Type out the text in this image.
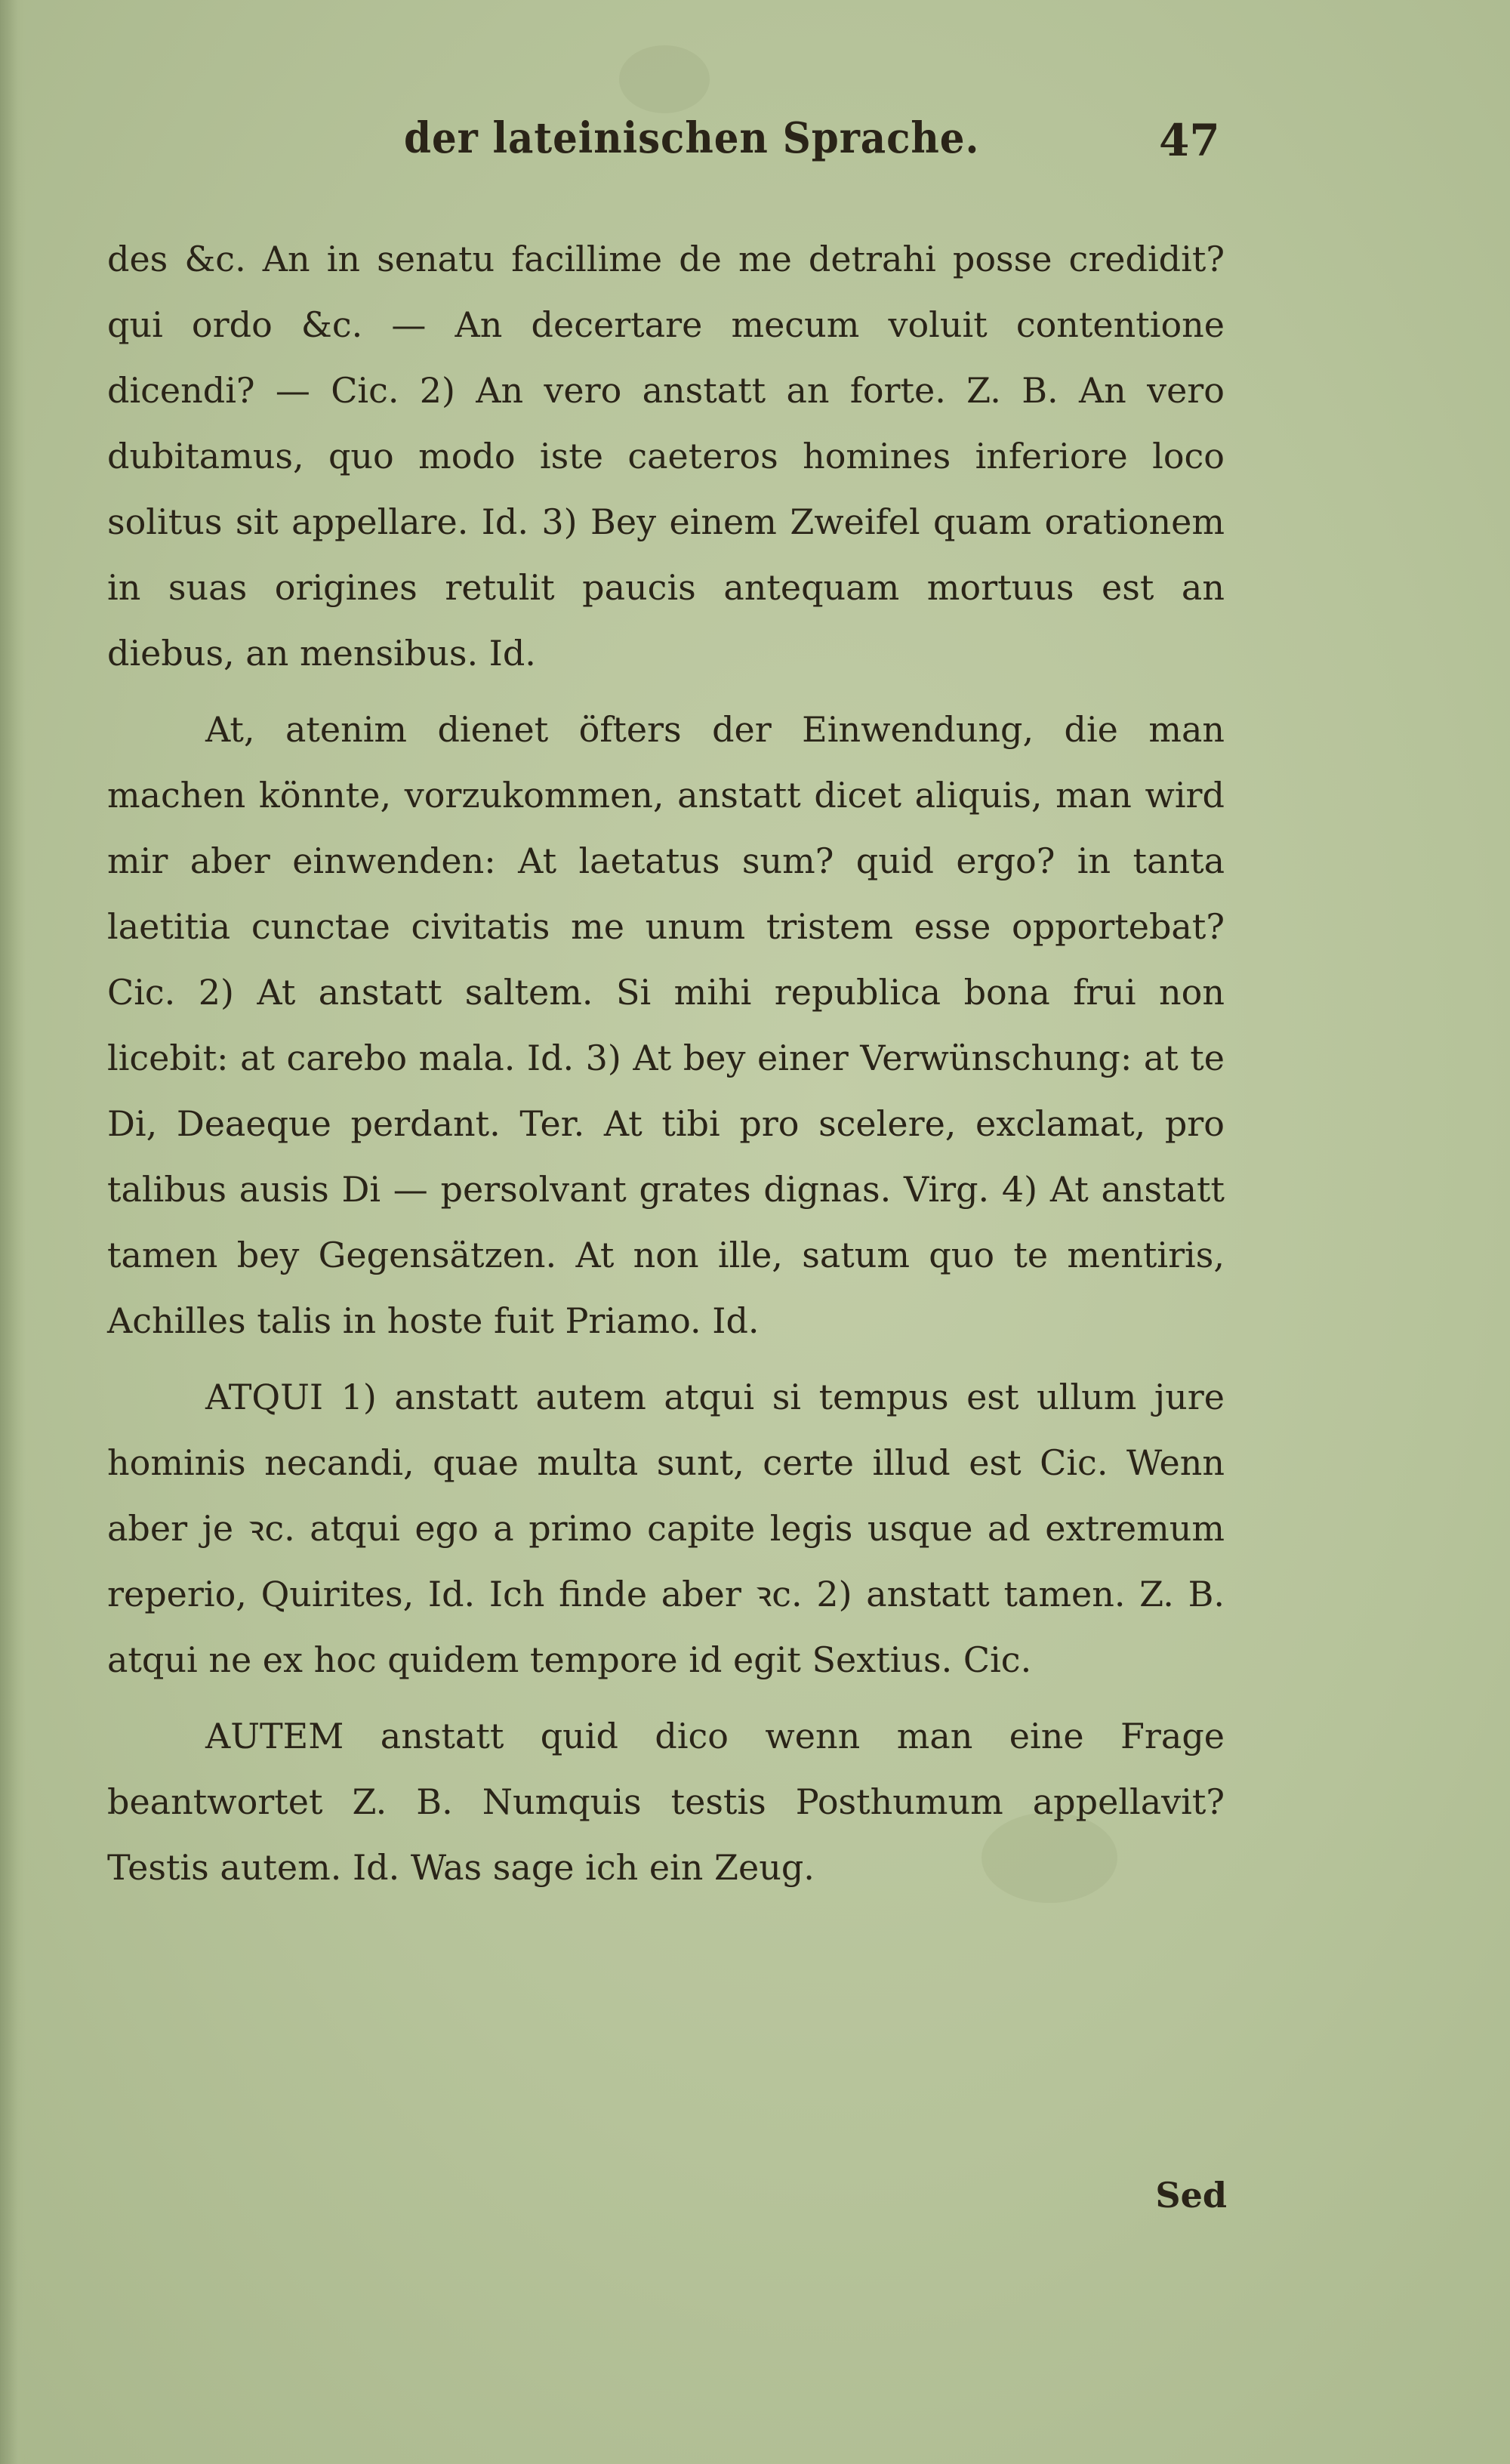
der lateinischen Sprache.	47

des &c. An in senatu facillime de me detrahi posse credidit? qui ordo &c. — An decertare mecum voluit contentione dicendi? — Cic. 2) An vero anstatt an forte. Z. B. An vero dubitamus, quo modo iste caeteros homines inferiore loco solitus sit appellare. Id. 3) Bey einem Zweifel quam orationem in suas origines retulit paucis antequam mortuus est an diebus, an mensibus. Id.

At, atenim dienet öfters der Einwendung, die man machen könnte, vorzukommen, anstatt dicet aliquis, man wird mir aber einwenden: At laetatus sum? quid ergo? in tanta laetitia cunctae civitatis me unum tristem esse opportebat? Cic. 2) At anstatt saltem. Si mihi republica bona frui non licebit: at carebo mala. Id. 3) At bey einer Verwünschung: at te Di, Deaeque perdant. Ter. At tibi pro scelere, exclamat, pro talibus ausis Di — persolvant grates dignas. Virg. 4) At anstatt tamen bey Gegensätzen. At non ille, satum quo te mentiris, Achilles talis in hoste fuit Priamo. Id.

ATQUI 1) anstatt autem atqui si tempus est ullum jure hominis necandi, quae multa sunt, certe illud est Cic. Wenn aber je ꝛc. atqui ego a primo capite legis usque ad extremum reperio, Quirites, Id. Ich finde aber ꝛc. 2) anstatt tamen. Z. B. atqui ne ex hoc quidem tempore id egit Sextius. Cic.

AUTEM anstatt quid dico wenn man eine Frage beantwortet Z. B. Numquis testis Posthumum appellavit? Testis autem. Id. Was sage ich ein Zeug.

Sed
